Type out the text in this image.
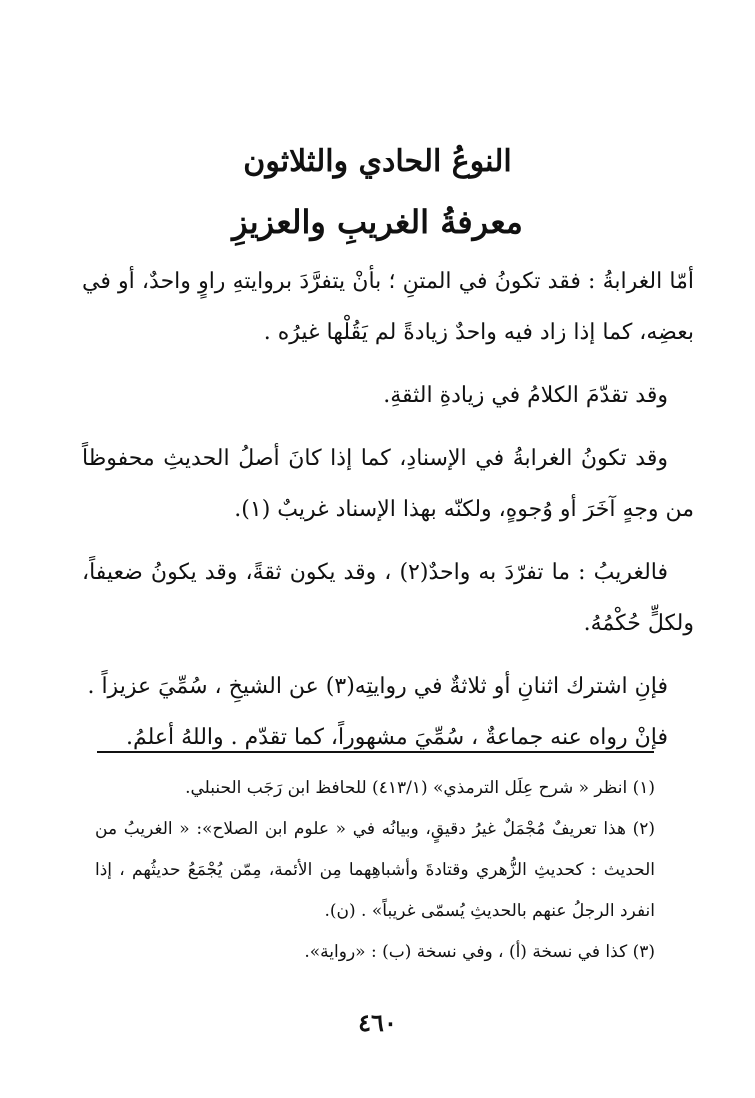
النوعُ الحادي والثلاثون
معرفةُ الغريبِ والعزيزِ

أمّا الغرابةُ : فقد تكونُ في المتنِ ؛ بأنْ يتفرَّدَ بروايتهِ راوٍ واحدٌ، أو في بعضِه، كما إذا زاد فيه واحدٌ زيادةً لم يَقُلْها غيرُه .

وقد تقدّمَ الكلامُ في زيادةِ الثقةِ.

وقد تكونُ الغرابةُ في الإسنادِ، كما إذا كانَ أصلُ الحديثِ محفوظاً من وجهٍ آخَرَ أو وُجوهٍ، ولكنّه بهذا الإسناد غريبٌ (١).

فالغريبُ : ما تفرّدَ به واحدٌ(٢) ، وقد يكون ثقةً، وقد يكونُ ضعيفاً، ولكلٍّ حُكْمُهُ.

فإنِ اشترك اثنانِ أو ثلاثةٌ في روايتِه(٣) عن الشيخِ ، سُمِّيَ عزيزاً .

فإنْ رواه عنه جماعةٌ ، سُمِّيَ مشهوراً، كما تقدّم . واللهُ أعلمُ.

(١) انظر « شرح عِلَل الترمذي» (٤١٣/١) للحافظ ابن رَجَب الحنبلي.

(٢) هذا تعريفٌ مُجْمَلٌ غيرُ دقيقٍ، وبيانُه في « علوم ابن الصلاح»: « الغريبُ من الحديث : كحديثِ الزُّهري وقتادةَ وأشباهِهما مِن الأئمة، مِمّن يُجْمَعُ حديثُهم ، إذا انفرد الرجلُ عنهم بالحديثِ يُسمّى غريباً» . (ن).

(٣) كذا في نسخة (أ) ، وفي نسخة (ب) : «رواية».

٤٦٠
